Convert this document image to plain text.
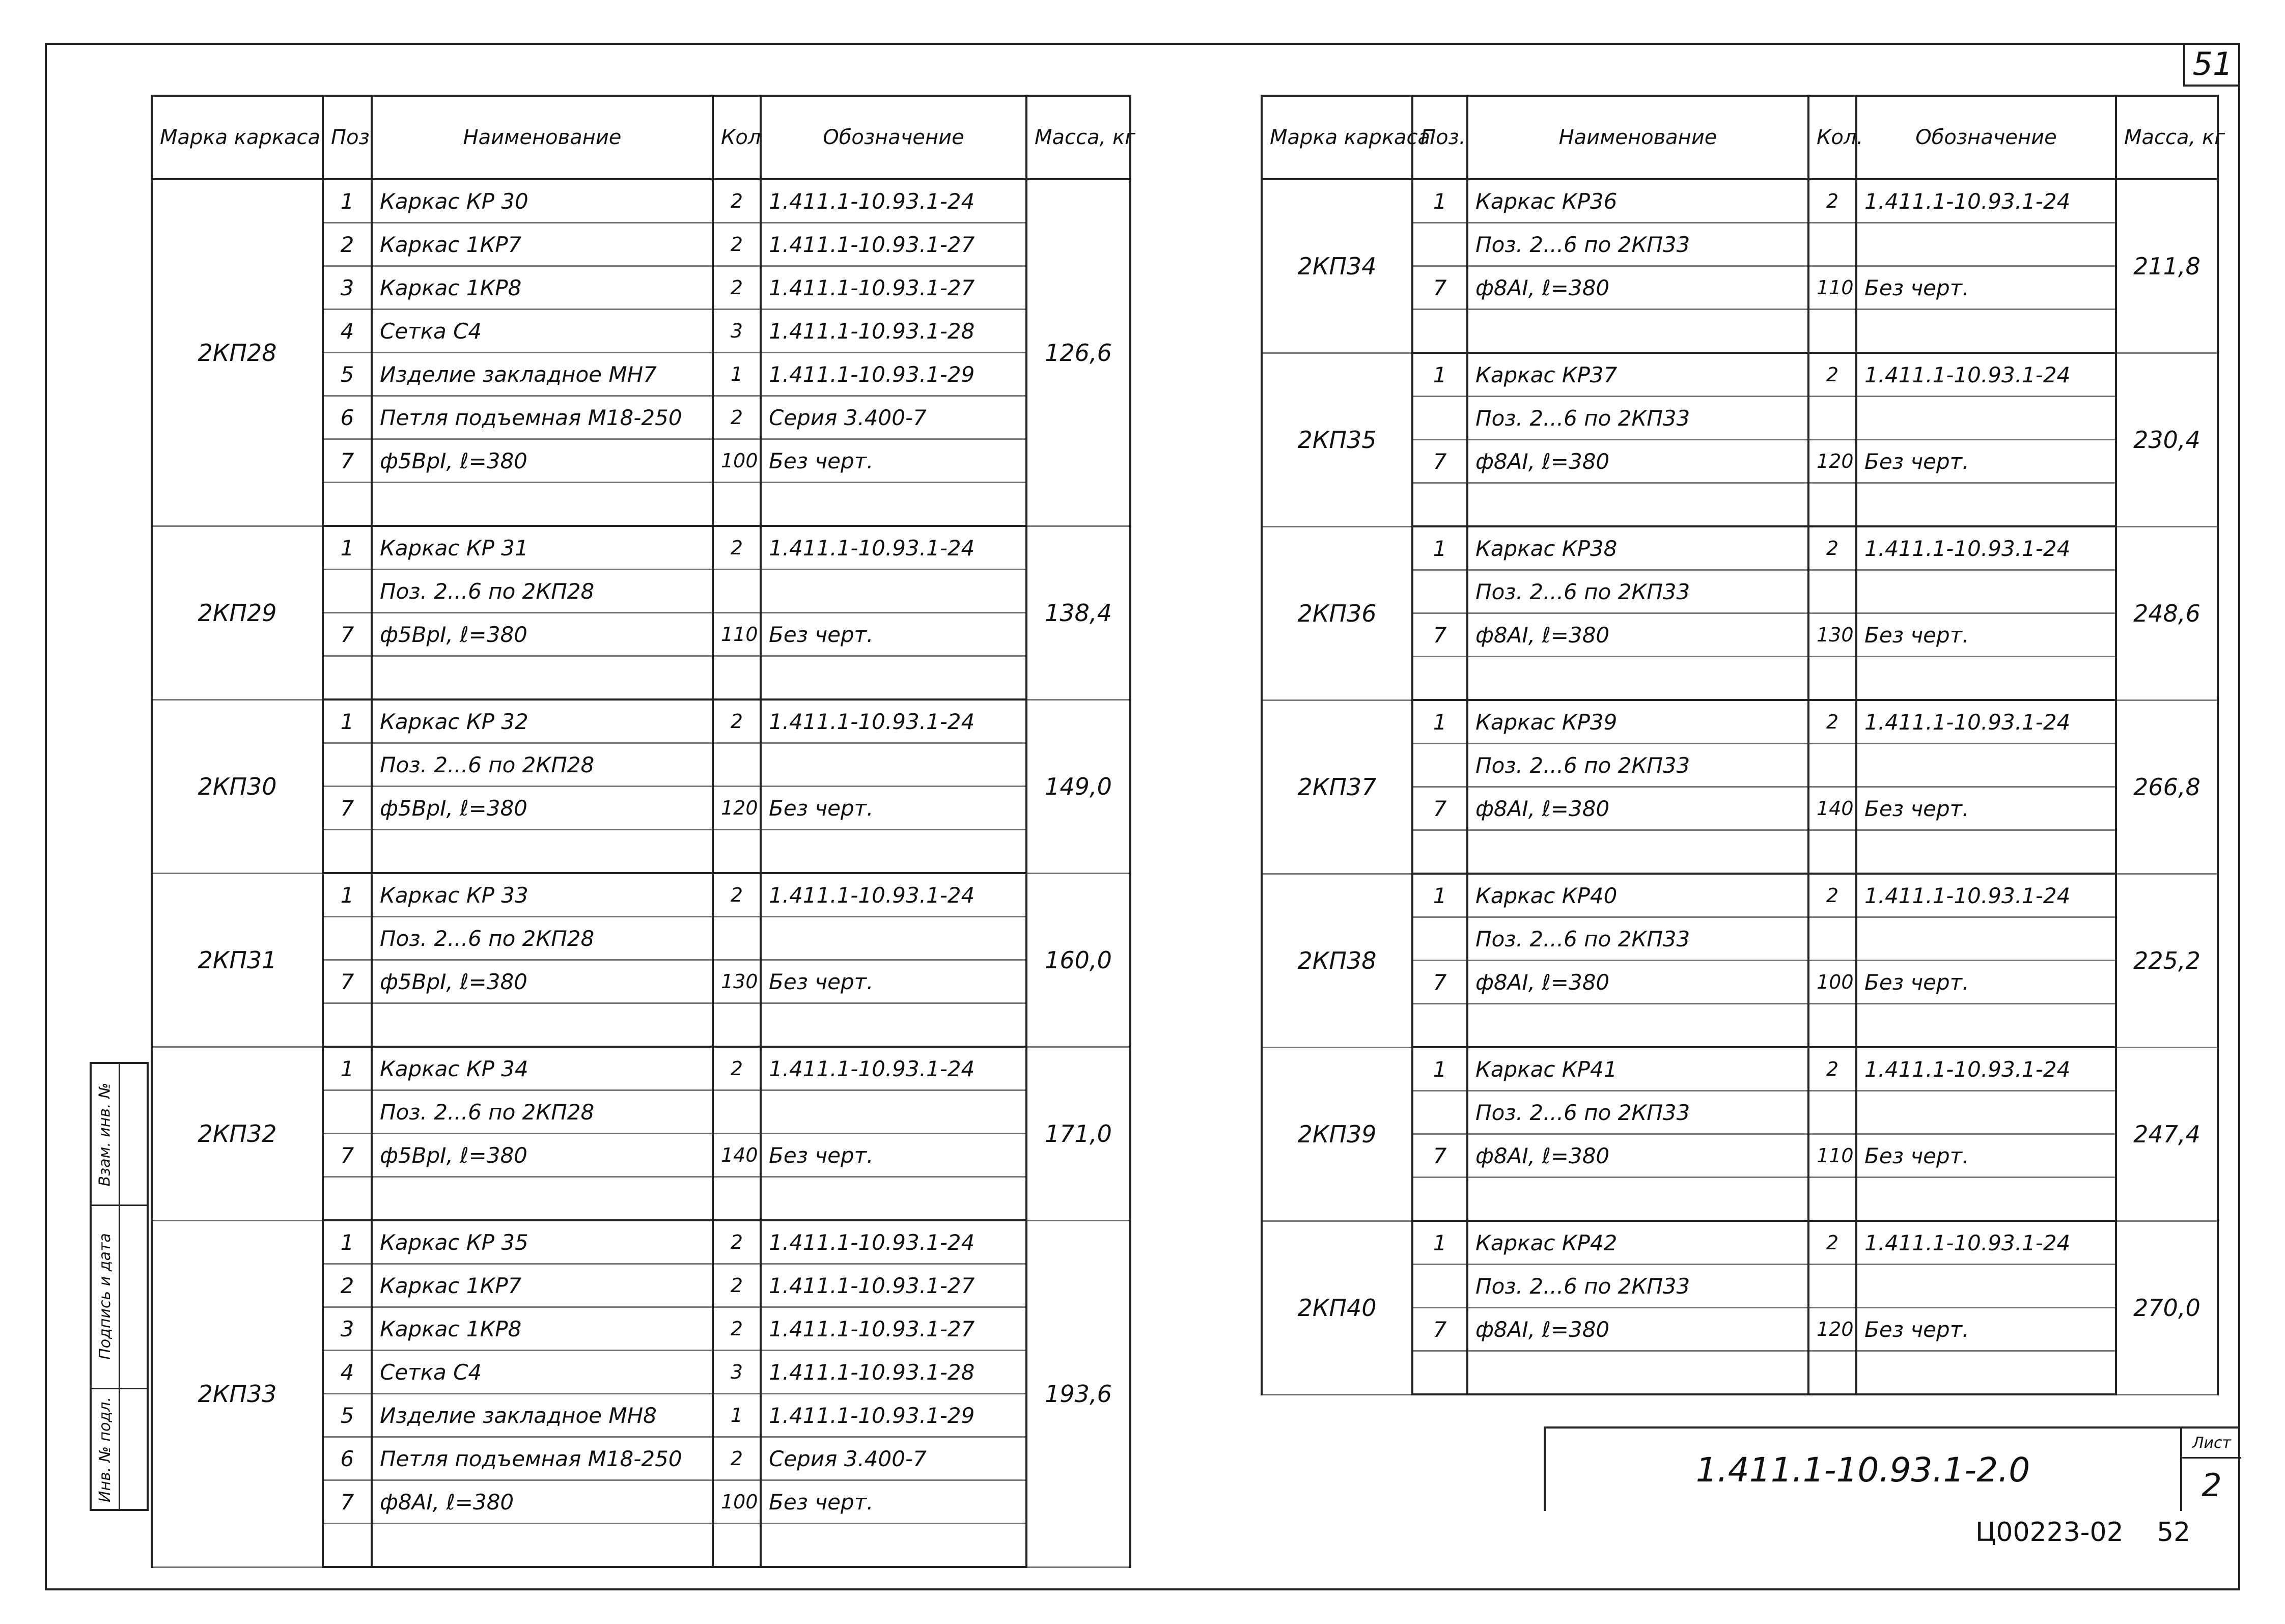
51
Марка каркаса	Поз	Наименование	Кол	Обозначение	Масса, кг
2КП28	1	Каркас КР 30	2	1.411.1-10.93.1-24	126,6
	2	Каркас 1КР7	2	1.411.1-10.93.1-27	
	3	Каркас 1КР8	2	1.411.1-10.93.1-27	
	4	Сетка С4	3	1.411.1-10.93.1-28	
	5	Изделие закладное МН7	1	1.411.1-10.93.1-29	
	6	Петля подъемная М18-250	2	Серия 3.400-7	
	7	ф5ВрI, ℓ=380	100	Без черт.	

2КП29	1	Каркас КР 31	2	1.411.1-10.93.1-24	138,4
		Поз. 2...6 по 2КП28			
	7	ф5ВрI, ℓ=380	110	Без черт.	

2КП30	1	Каркас КР 32	2	1.411.1-10.93.1-24	149,0
		Поз. 2...6 по 2КП28			
	7	ф5ВрI, ℓ=380	120	Без черт.	

2КП31	1	Каркас КР 33	2	1.411.1-10.93.1-24	160,0
		Поз. 2...6 по 2КП28			
	7	ф5ВрI, ℓ=380	130	Без черт.	

2КП32	1	Каркас КР 34	2	1.411.1-10.93.1-24	171,0
		Поз. 2...6 по 2КП28			
	7	ф5ВрI, ℓ=380	140	Без черт.	

2КП33	1	Каркас КР 35	2	1.411.1-10.93.1-24	193,6
	2	Каркас 1КР7	2	1.411.1-10.93.1-27	
	3	Каркас 1КР8	2	1.411.1-10.93.1-27	
	4	Сетка С4	3	1.411.1-10.93.1-28	
	5	Изделие закладное МН8	1	1.411.1-10.93.1-29	
	6	Петля подъемная М18-250	2	Серия 3.400-7	
	7	ф8АI, ℓ=380	100	Без черт.	

Марка каркаса	Поз.	Наименование	Кол.	Обозначение	Масса, кг
2КП34	1	Каркас КР36	2	1.411.1-10.93.1-24	211,8
		Поз. 2...6 по 2КП33			
	7	ф8АI, ℓ=380	110	Без черт.	

2КП35	1	Каркас КР37	2	1.411.1-10.93.1-24	230,4
		Поз. 2...6 по 2КП33			
	7	ф8АI, ℓ=380	120	Без черт.	

2КП36	1	Каркас КР38	2	1.411.1-10.93.1-24	248,6
		Поз. 2...6 по 2КП33			
	7	ф8АI, ℓ=380	130	Без черт.	

2КП37	1	Каркас КР39	2	1.411.1-10.93.1-24	266,8
		Поз. 2...6 по 2КП33			
	7	ф8АI, ℓ=380	140	Без черт.	

2КП38	1	Каркас КР40	2	1.411.1-10.93.1-24	225,2
		Поз. 2...6 по 2КП33			
	7	ф8АI, ℓ=380	100	Без черт.	

2КП39	1	Каркас КР41	2	1.411.1-10.93.1-24	247,4
		Поз. 2...6 по 2КП33			
	7	ф8АI, ℓ=380	110	Без черт.	

2КП40	1	Каркас КР42	2	1.411.1-10.93.1-24	270,0
		Поз. 2...6 по 2КП33			
	7	ф8АI, ℓ=380	120	Без черт.	

Взам. инв. №
Подпись и дата
Инв. № подл.	1.411.1-10.93.1-2.0
Лист
2
Ц00223-02 52
